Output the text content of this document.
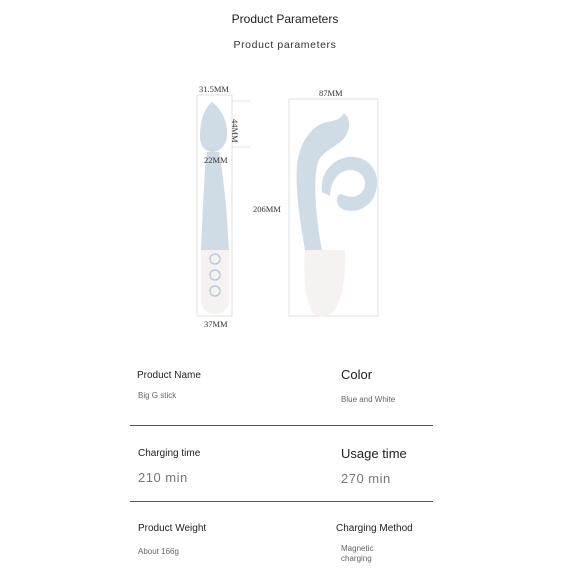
Product Parameters
Product parameters
31.5MM
44MM
22MM
37MM
87MM
206MM
Product Name	Color
Big G stick	Blue and White
Charging time	Usage time
210 min	270 min
Product Weight	Charging Method
About 166g	Magnetic
charging
